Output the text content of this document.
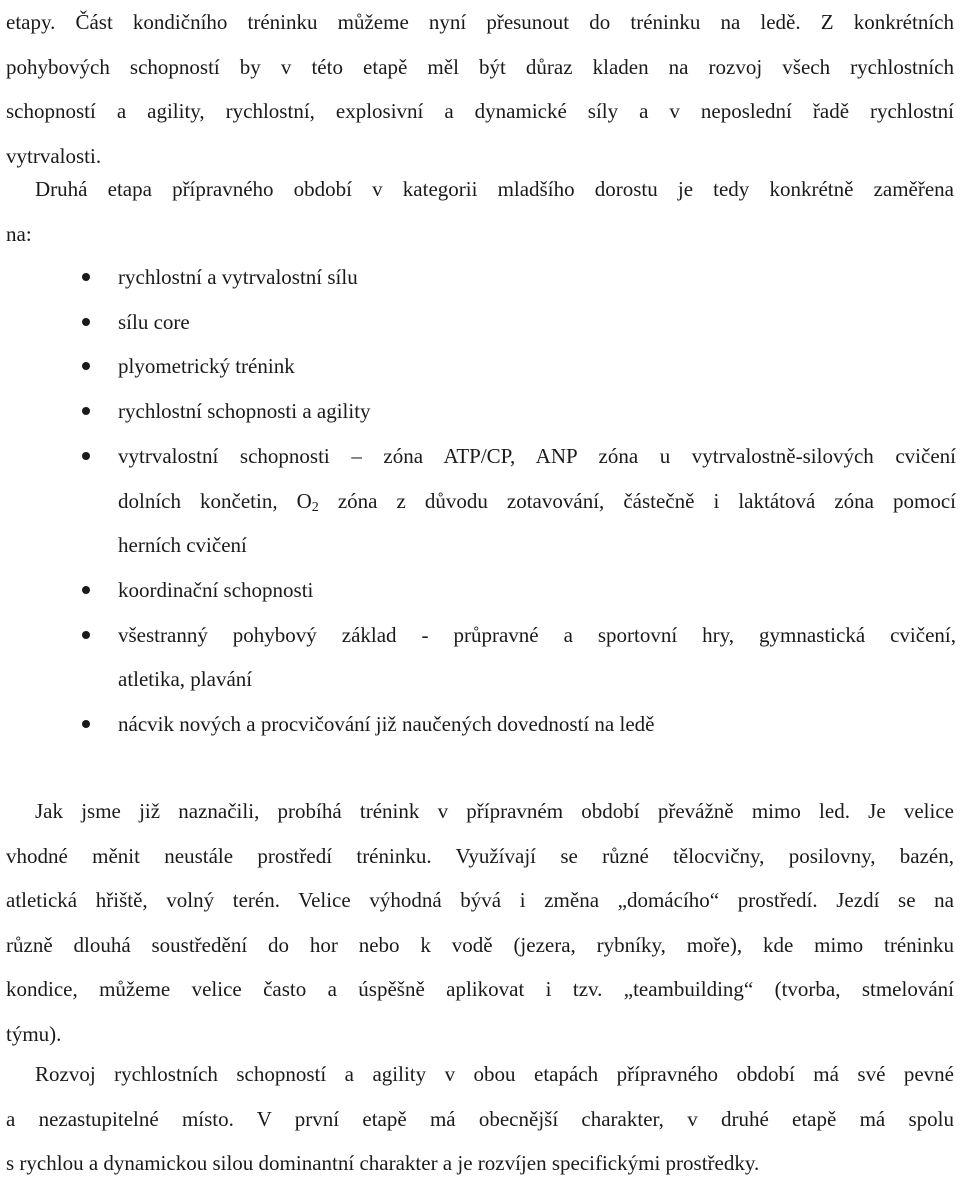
etapy. Část kondičního tréninku můžeme nyní přesunout do tréninku na ledě. Z konkrétních
pohybových schopností by v této etapě měl být důraz kladen na rozvoj všech rychlostních
schopností a agility, rychlostní, explosivní a dynamické síly a v neposlední řadě rychlostní
vytrvalosti.

Druhá etapa přípravného období v kategorii mladšího dorostu je tedy konkrétně zaměřena
na:

rychlostní a vytrvalostní sílu
sílu core
plyometrický trénink
rychlostní schopnosti a agility
vytrvalostní schopnosti – zóna ATP/CP, ANP zóna u vytrvalostně-silových cvičení
dolních končetin, $O_2$ zóna z důvodu zotavování, částečně i laktátová zóna pomocí
herních cvičení
koordinační schopnosti
všestranný pohybový základ - průpravné a sportovní hry, gymnastická cvičení,
atletika, plavání
nácvik nových a procvičování již naučených dovedností na ledě

Jak jsme již naznačili, probíhá trénink v přípravném období převážně mimo led. Je velice
vhodné měnit neustále prostředí tréninku. Využívají se různé tělocvičny, posilovny, bazén,
atletická hřiště, volný terén. Velice výhodná bývá i změna „domácího“ prostředí. Jezdí se na
různě dlouhá soustředění do hor nebo k vodě (jezera, rybníky, moře), kde mimo tréninku
kondice, můžeme velice často a úspěšně aplikovat i tzv. „teambuilding“ (tvorba, stmelování
týmu).

Rozvoj rychlostních schopností a agility v obou etapách přípravného období má své pevné
a nezastupitelné místo. V první etapě má obecnější charakter, v druhé etapě má spolu
s rychlou a dynamickou silou dominantní charakter a je rozvíjen specifickými prostředky.
